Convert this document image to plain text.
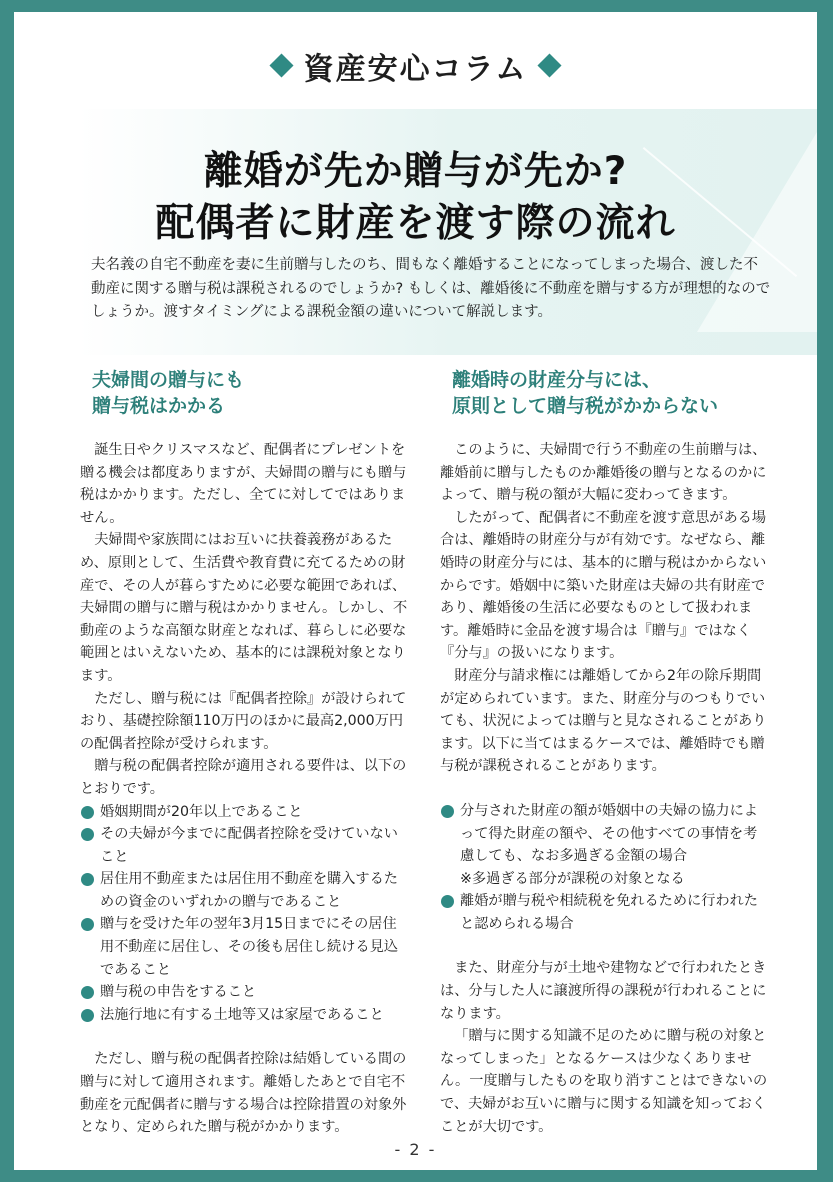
資産安心コラム
離婚が先か贈与が先か?
配偶者に財産を渡す際の流れ
夫名義の自宅不動産を妻に生前贈与したのち、間もなく離婚することになってしまった場合、渡した不動産に関する贈与税は課税されるのでしょうか? もしくは、離婚後に不動産を贈与する方が理想的なのでしょうか。渡すタイミングによる課税金額の違いについて解説します。
夫婦間の贈与にも
贈与税はかかる

誕生日やクリスマスなど、配偶者にプレゼントを贈る機会は都度ありますが、夫婦間の贈与にも贈与税はかかります。ただし、全てに対してではありません。

夫婦間や家族間にはお互いに扶養義務があるため、原則として、生活費や教育費に充てるための財産で、その人が暮らすために必要な範囲であれば、夫婦間の贈与に贈与税はかかりません。しかし、不動産のような高額な財産となれば、暮らしに必要な範囲とはいえないため、基本的には課税対象となります。

ただし、贈与税には『配偶者控除』が設けられており、基礎控除額110万円のほかに最高2,000万円の配偶者控除が受けられます。

贈与税の配偶者控除が適用される要件は、以下のとおりです。

婚姻期間が20年以上であること
その夫婦が今までに配偶者控除を受けていないこと
居住用不動産または居住用不動産を購入するための資金のいずれかの贈与であること
贈与を受けた年の翌年3月15日までにその居住用不動産に居住し、その後も居住し続ける見込であること
贈与税の申告をすること
法施行地に有する土地等又は家屋であること

ただし、贈与税の配偶者控除は結婚している間の贈与に対して適用されます。離婚したあとで自宅不動産を元配偶者に贈与する場合は控除措置の対象外となり、定められた贈与税がかかります。

離婚時の財産分与には、
原則として贈与税がかからない

このように、夫婦間で行う不動産の生前贈与は、離婚前に贈与したものか離婚後の贈与となるのかによって、贈与税の額が大幅に変わってきます。

したがって、配偶者に不動産を渡す意思がある場合は、離婚時の財産分与が有効です。なぜなら、離婚時の財産分与には、基本的に贈与税はかからないからです。婚姻中に築いた財産は夫婦の共有財産であり、離婚後の生活に必要なものとして扱われます。離婚時に金品を渡す場合は『贈与』ではなく『分与』の扱いになります。

財産分与請求権には離婚してから2年の除斥期間が定められています。また、財産分与のつもりでいても、状況によっては贈与と見なされることがあります。以下に当てはまるケースでは、離婚時でも贈与税が課税されることがあります。

分与された財産の額が婚姻中の夫婦の協力によって得た財産の額や、その他すべての事情を考慮しても、なお多過ぎる金額の場合
※多過ぎる部分が課税の対象となる
離婚が贈与税や相続税を免れるために行われたと認められる場合

また、財産分与が土地や建物などで行われたときは、分与した人に譲渡所得の課税が行われることになります。

「贈与に関する知識不足のために贈与税の対象となってしまった」となるケースは少なくありません。一度贈与したものを取り消すことはできないので、夫婦がお互いに贈与に関する知識を知っておくことが大切です。

- 2 -
